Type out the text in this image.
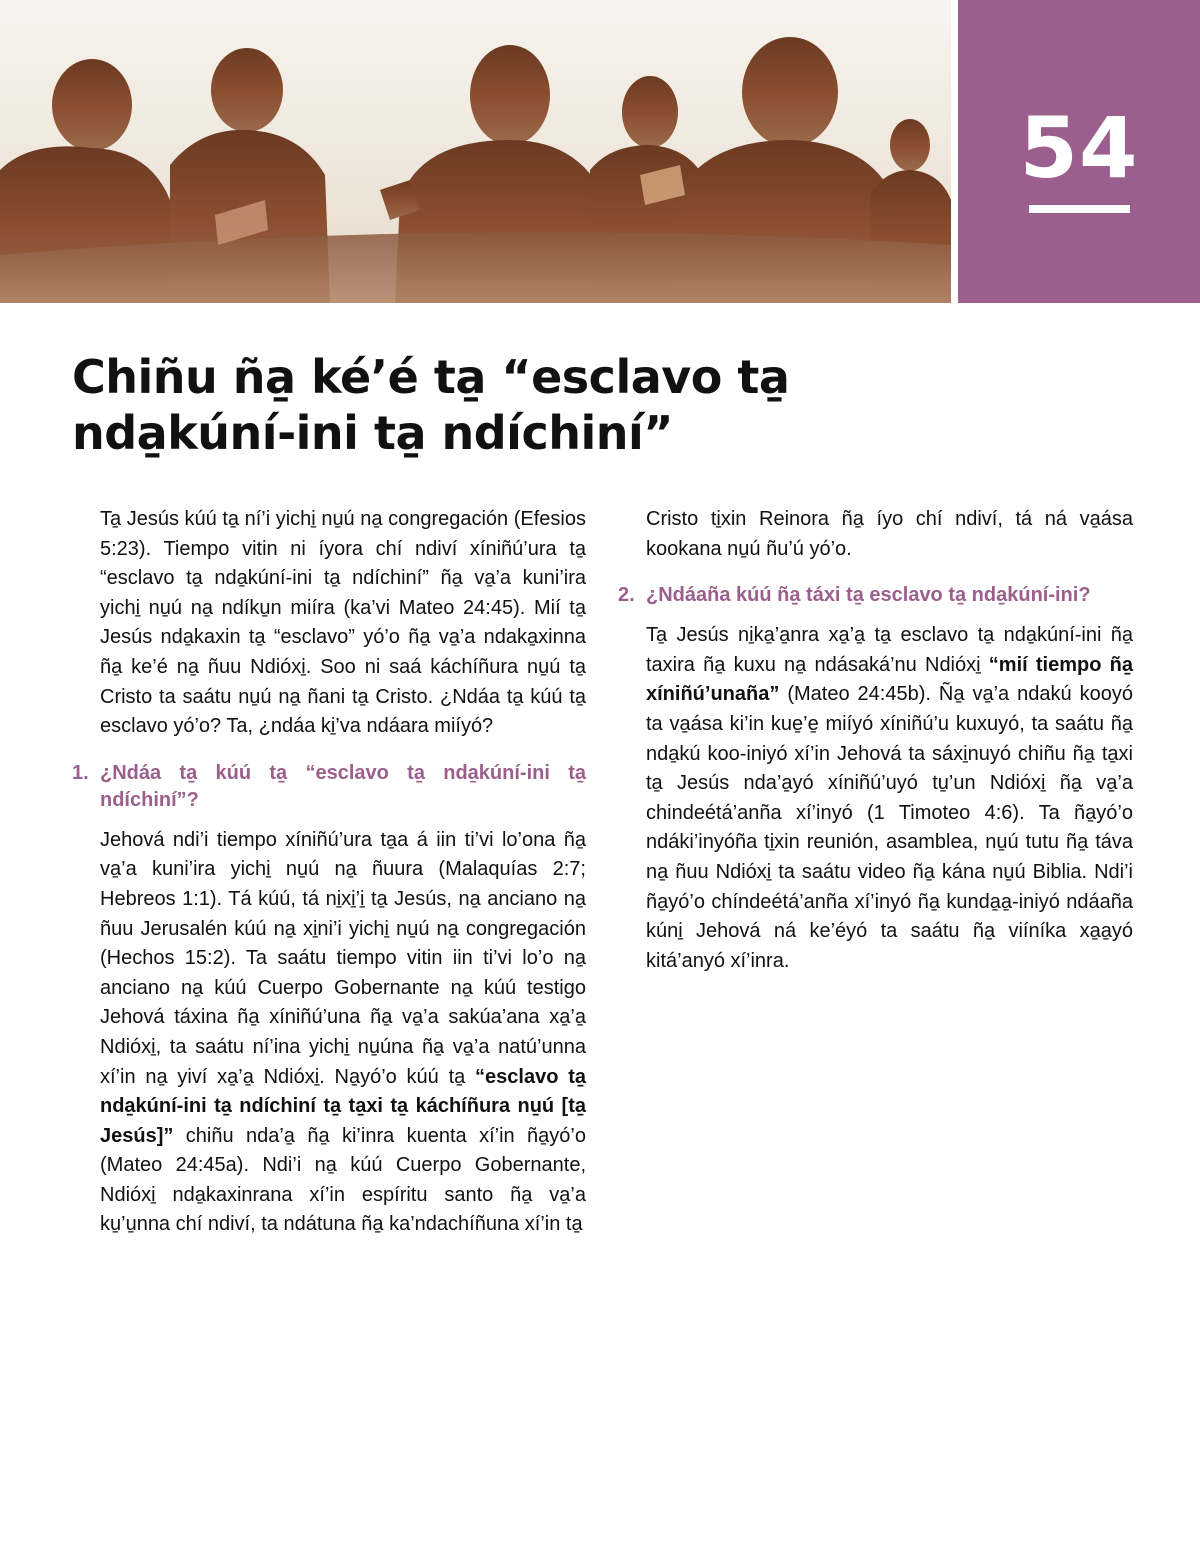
54
Chiñu ña̱ ké’é ta̱ “esclavo ta̱ nda̱kúní-ini ta̱ ndíchiní”

Ta̱ Jesús kúú ta̱ ní’i yichi̱ nu̱ú na̱ congregación (Efesios 5:23). Tiempo vitin ni íyora chí ndiví xíniñú’ura ta̱ “esclavo ta̱ nda̱kúní-ini ta̱ ndíchiní” ña̱ va̱’a kuni’ira yichi̱ nu̱ú na̱ ndíku̱n miíra (ka’vi Mateo 24:45). Mií ta̱ Jesús nda̱kaxin ta̱ “esclavo” yó’o ña̱ va̱’a ndaka̱xinna ña̱ ke’é na̱ ñuu Ndióxi̱. Soo ni saá káchíñura nu̱ú ta̱ Cristo ta saátu nu̱ú na̱ ñani ta̱ Cristo. ¿Ndáa ta̱ kúú ta̱ esclavo yó’o? Ta, ¿ndáa ki̱’va ndáara miíyó?

1. ¿Ndáa ta̱ kúú ta̱ “esclavo ta̱ nda̱kúní-ini ta̱ ndíchiní”?

Jehová ndi’i tiempo xíniñú’ura ta̱a á iin ti’vi lo’ona ña̱ va̱’a kuni’ira yichi̱ nu̱ú na̱ ñuura (Malaquías 2:7; Hebreos 1:1). Tá kúú, tá ni̱xi̱’i̱ ta̱ Jesús, na̱ anciano na̱ ñuu Jerusalén kúú na̱ xi̱ni’i yichi̱ nu̱ú na̱ congregación (Hechos 15:2). Ta saátu tiempo vitin iin ti’vi lo’o na̱ anciano na̱ kúú Cuerpo Gobernante na̱ kúú testigo Jehová táxina ña̱ xíniñú’una ña̱ va̱’a sakúa’ana xa̱’a̱ Ndióxi̱, ta saátu ní’ina yichi̱ nu̱úna ña̱ va̱’a natú’unna xí’in na̱ yiví xa̱’a̱ Ndióxi̱. Na̱yó’o kúú ta̱ “esclavo ta̱ nda̱kúní-ini ta̱ ndíchiní ta̱ ta̱xi ta̱ káchíñura nu̱ú [ta̱ Jesús]” chiñu nda’a̱ ña̱ ki’inra kuenta xí’in ña̱yó’o (Mateo 24:45a). Ndi’i na̱ kúú Cuerpo Gobernante, Ndióxi̱ nda̱kaxinrana xí’in espíritu santo ña̱ va̱’a ku̱’u̱nna chí ndiví, ta ndátuna ña̱ ka’ndachíñuna xí’in ta̱

Cristo ti̱xin Reinora ña̱ íyo chí ndiví, tá ná va̱ása kookana nu̱ú ñu’ú yó’o.

2. ¿Ndáaña kúú ña̱ táxi ta̱ esclavo ta̱ nda̱kúní-ini?

Ta̱ Jesús ni̱ka̱’a̱nra xa̱’a̱ ta̱ esclavo ta̱ nda̱kúní-ini ña̱ taxira ña̱ kuxu na̱ ndásaká’nu Ndióxi̱ “mií tiempo ña̱ xíniñú’unaña” (Mateo 24:45b). Ña̱ va̱’a ndakú kooyó ta va̱ása ki’in kue̱’e̱ miíyó xíniñú’u kuxuyó, ta saátu ña̱ nda̱kú koo-iniyó xí’in Jehová ta sáxi̱nuyó chiñu ña̱ ta̱xi ta̱ Jesús nda’a̱yó xíniñú’uyó tu̱’un Ndióxi̱ ña̱ va̱’a chindeétá’anña xí’inyó (1 Timoteo 4:6). Ta ña̱yó’o ndáki’inyóña ti̱xin reunión, asamblea, nu̱ú tutu ña̱ táva na̱ ñuu Ndióxi̱ ta saátu video ña̱ kána nu̱ú Biblia. Ndi’i ña̱yó’o chíndeétá’anña xí’inyó ña̱ kunda̱a̱-iniyó ndáaña kúni̱ Jehová ná ke’éyó ta saátu ña̱ viíníka xa̱a̱yó kitá’anyó xí’inra.
